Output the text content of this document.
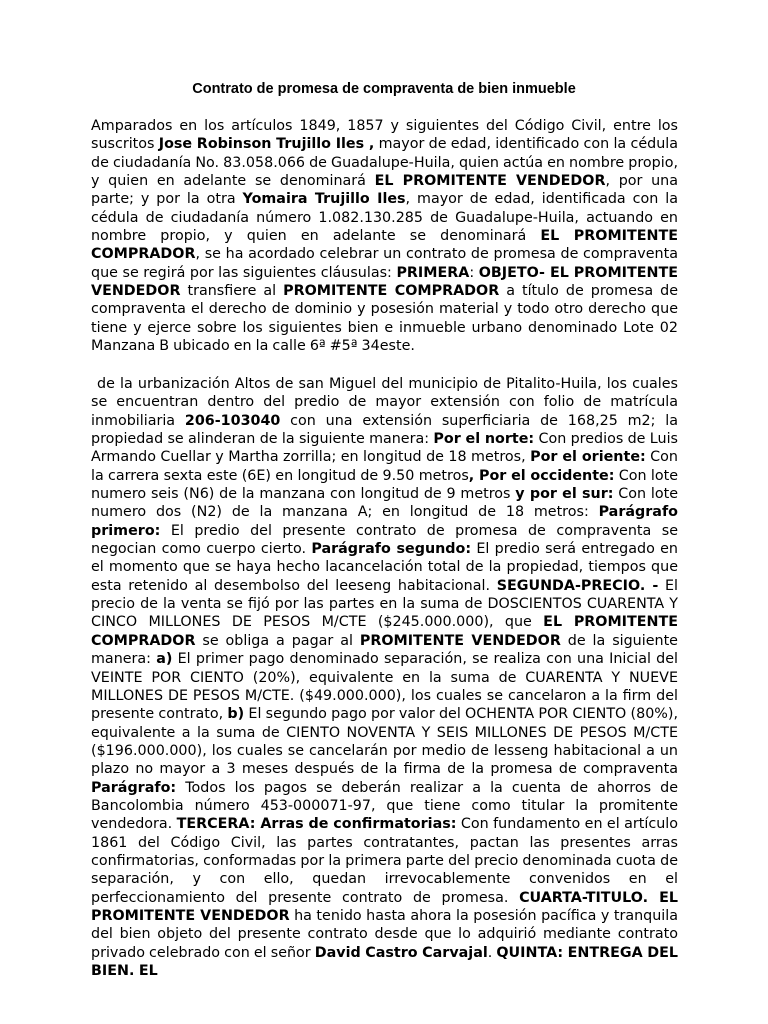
Contrato de promesa de compraventa de bien inmueble
Amparados en los artículos 1849, 1857 y siguientes del Código Civil, entre los suscritos Jose Robinson Trujillo Iles , mayor de edad, identificado con la cédula de ciudadanía No. 83.058.066 de Guadalupe-Huila, quien actúa en nombre propio, y quien en adelante se denominará EL PROMITENTE VENDEDOR, por una parte; y por la otra Yomaira Trujillo Iles, mayor de edad, identificada con la cédula de ciudadanía número 1.082.130.285 de Guadalupe-Huila, actuando en nombre propio, y quien en adelante se denominará EL PROMITENTE COMPRADOR, se ha acordado celebrar un contrato de promesa de compraventa que se regirá por las siguientes cláusulas: PRIMERA: OBJETO- EL PROMITENTE VENDEDOR transfiere al PROMITENTE COMPRADOR a título de promesa de compraventa el derecho de dominio y posesión material y todo otro derecho que tiene y ejerce sobre los siguientes bien e inmueble urbano denominado Lote 02 Manzana B ubicado en la calle 6ª #5ª 34este.
de la urbanización Altos de san Miguel del municipio de Pitalito-Huila, los cuales se encuentran dentro del predio de mayor extensión con folio de matrícula inmobiliaria 206-103040 con una extensión superficiaria de 168,25 m2; la propiedad se alinderan de la siguiente manera: Por el norte: Con predios de Luis Armando Cuellar y Martha zorrilla; en longitud de 18 metros, Por el oriente: Con la carrera sexta este (6E) en longitud de 9.50 metros, Por el occidente: Con lote numero seis (N6) de la manzana con longitud de 9 metros y por el sur: Con lote numero dos (N2) de la manzana A; en longitud de 18 metros: Parágrafo primero: El predio del presente contrato de promesa de compraventa se negocian como cuerpo cierto. Parágrafo segundo: El predio será entregado en el momento que se haya hecho lacancelación total de la propiedad, tiempos que esta retenido al desembolso del leeseng habitacional. SEGUNDA-PRECIO. - El precio de la venta se fijó por las partes en la suma de DOSCIENTOS CUARENTA Y CINCO MILLONES DE PESOS M/CTE ($245.000.000), que EL PROMITENTE COMPRADOR se obliga a pagar al PROMITENTE VENDEDOR de la siguiente manera: a) El primer pago denominado separación, se realiza con una Inicial del VEINTE POR CIENTO (20%), equivalente en la suma de CUARENTA Y NUEVE MILLONES DE PESOS M/CTE. ($49.000.000), los cuales se cancelaron a la firm del presente contrato, b) El segundo pago por valor del OCHENTA POR CIENTO (80%), equivalente a la suma de CIENTO NOVENTA Y SEIS MILLONES DE PESOS M/CTE ($196.000.000), los cuales se cancelarán por medio de lesseng habitacional a un plazo no mayor a 3 meses después de la firma de la promesa de compraventa Parágrafo: Todos los pagos se deberán realizar a la cuenta de ahorros de Bancolombia número 453-000071-97, que tiene como titular la promitente vendedora. TERCERA: Arras de confirmatorias: Con fundamento en el artículo 1861 del Código Civil, las partes contratantes, pactan las presentes arras confirmatorias, conformadas por la primera parte del precio denominada cuota de separación, y con ello, quedan irrevocablemente convenidos en el perfeccionamiento del presente contrato de promesa. CUARTA-TITULO. EL PROMITENTE VENDEDOR ha tenido hasta ahora la posesión pacífica y tranquila del bien objeto del presente contrato desde que lo adquirió mediante contrato privado celebrado con el señor David Castro Carvajal. QUINTA: ENTREGA DEL BIEN. EL
